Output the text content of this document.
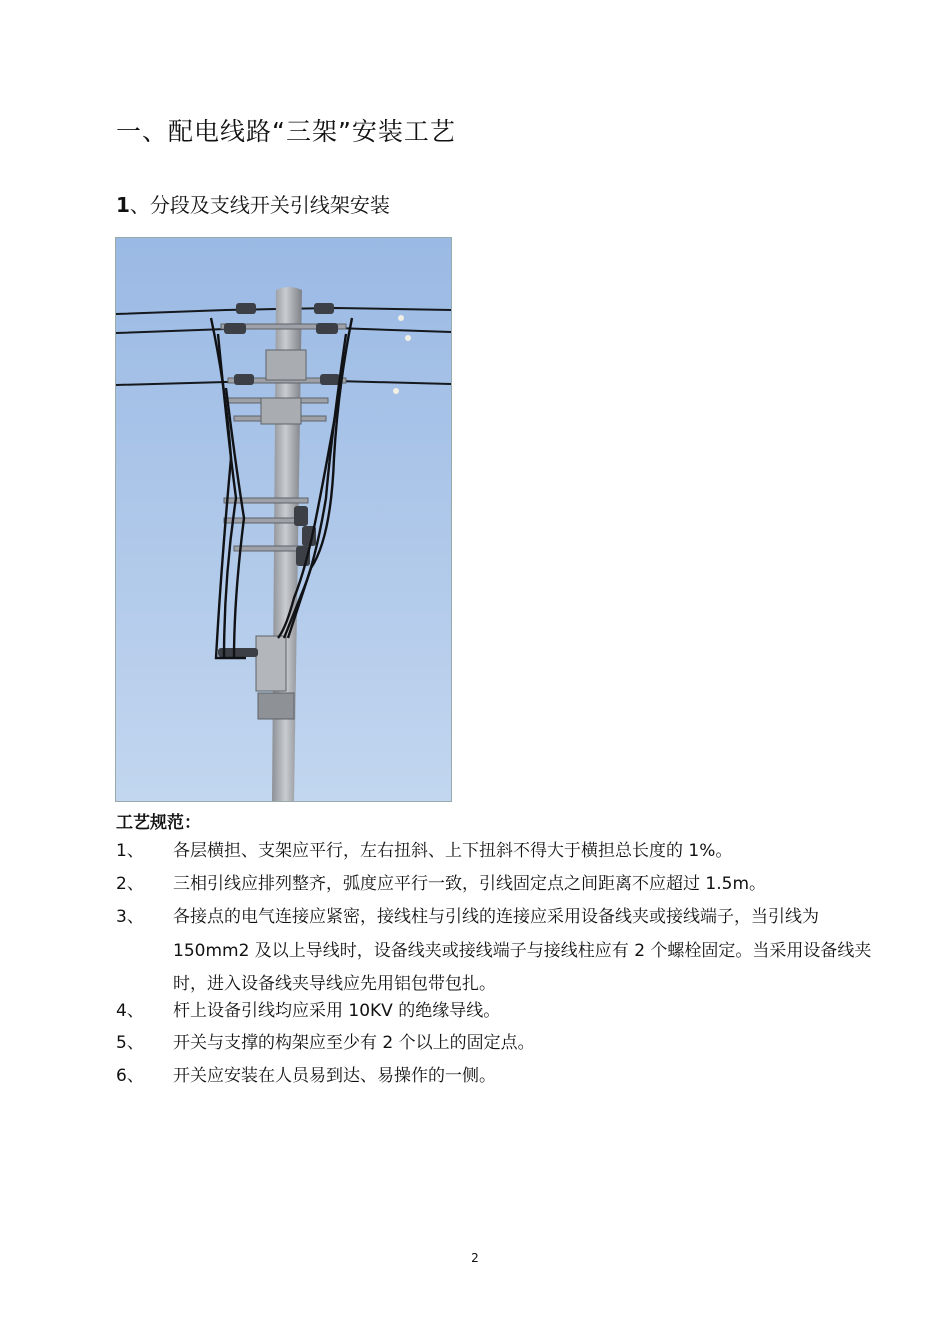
一、配电线路“三架”安装工艺
1、分段及支线开关引线架安装
工艺规范：
1、 各层横担、支架应平行，左右扭斜、上下扭斜不得大于横担总长度的 1%。
2、 三相引线应排列整齐，弧度应平行一致，引线固定点之间距离不应超过 1.5m。
3、 各接点的电气连接应紧密，接线柱与引线的连接应采用设备线夹或接线端子，当引线为 150mm2 及以上导线时，设备线夹或接线端子与接线柱应有 2 个螺栓固定。当采用设备线夹时，进入设备线夹导线应先用铝包带包扎。
4、 杆上设备引线均应采用 10KV 的绝缘导线。
5、 开关与支撑的构架应至少有 2 个以上的固定点。
6、 开关应安装在人员易到达、易操作的一侧。
2
